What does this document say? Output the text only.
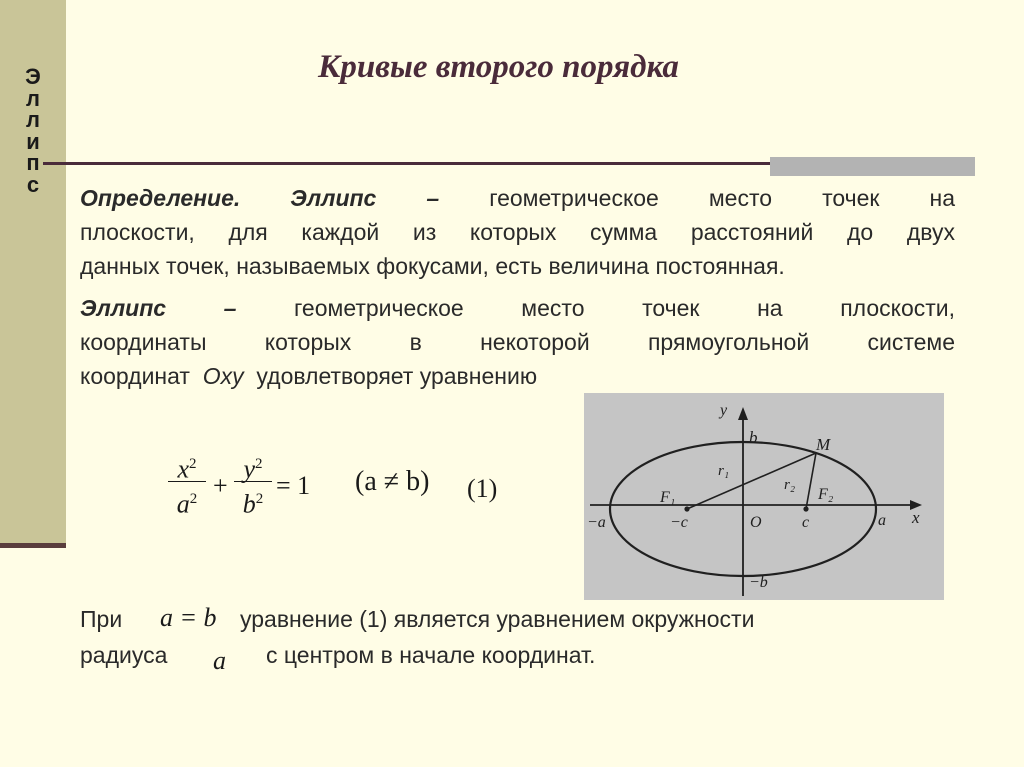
Э
л
л
и
п
с
Кривые второго порядка
Определение. Эллипс – геометрическое место точек на
плоскости, для каждой из которых сумма расстояний до двух
данных точек, называемых фокусами, есть величина постоянная.
Эллипс –	геометрическое место точек на плоскости,
координаты которых в некоторой прямоугольной системе
координат Oxy удовлетворяет уравнению
$x^2$
$a^2$ +
$y^2$
$b^2 = 1$ (a ≠ b) (1)
y
x
b
−b
M
r₁
r₂
F₁	F₂
−c	O	c	a
−a
При a = b уравнение (1) является уравнением окружности
радиуса a с центром в начале координат.
